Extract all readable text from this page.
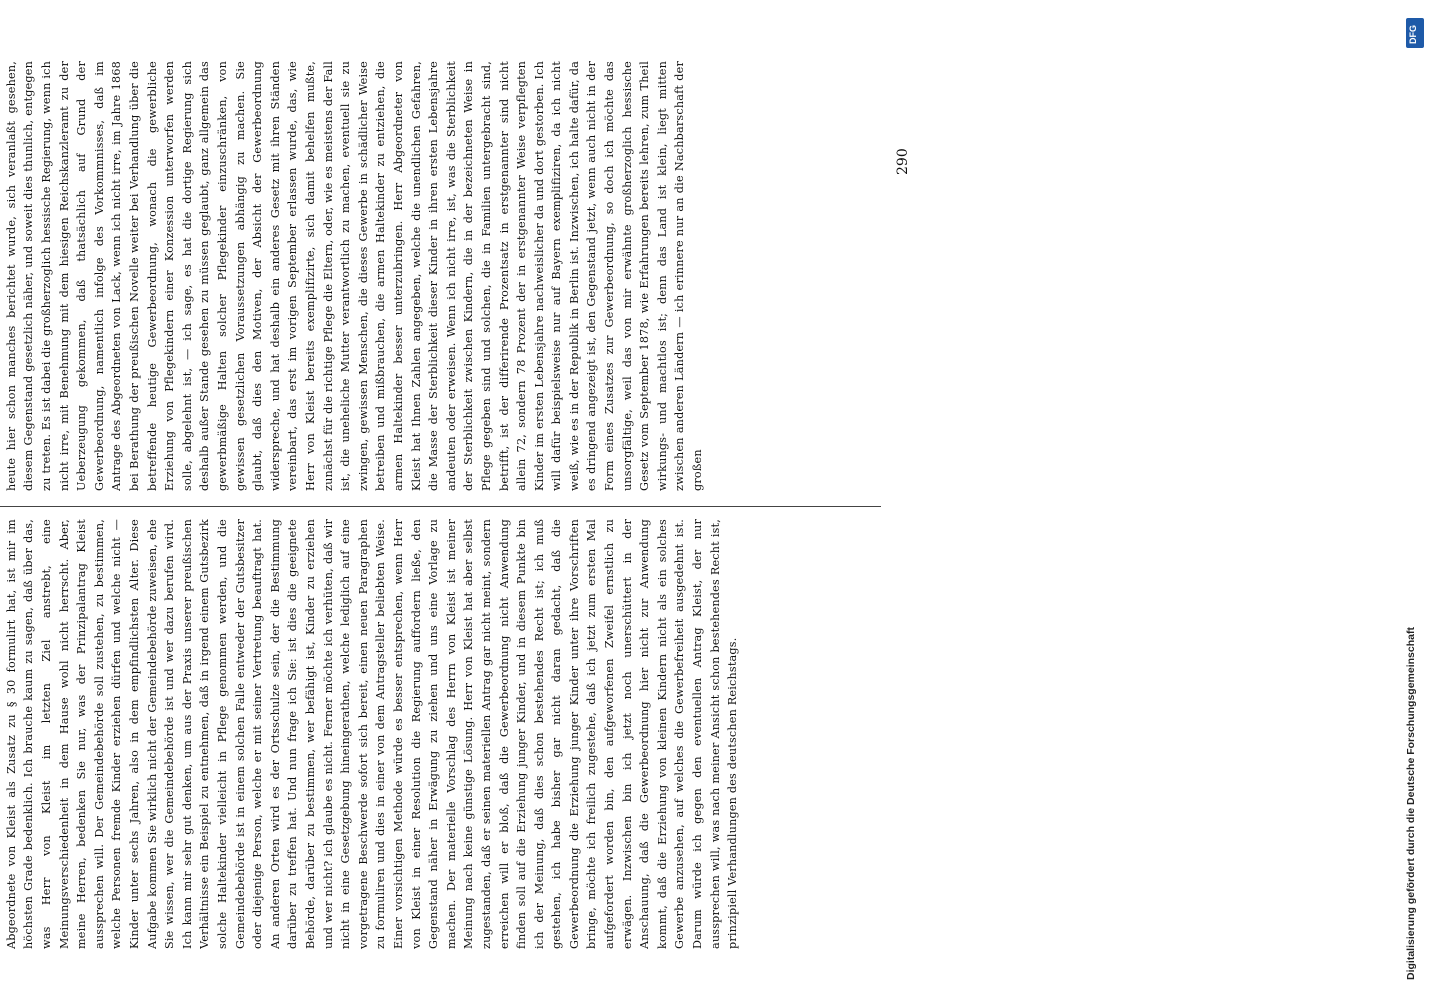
Abgeordnete von Kleist als Zusatz zu § 30 formulirt hat, ist mir im höchsten Grade bedenklich. Ich brauche kaum zu sagen, daß über das, was Herr von Kleist im letzten Ziel anstrebt, eine Meinungsverschiedenheit in dem Hause wohl nicht herrscht. Aber, meine Herren, bedenken Sie nur, was der Prinzipalantrag Kleist aussprechen will. Der Gemeindebehörde soll zustehen, zu bestimmen, welche Personen fremde Kinder erziehen dürfen und welche nicht — Kinder unter sechs Jahren, also in dem empfindlichsten Alter. Diese Aufgabe kommen Sie wirklich nicht der Gemeindebehörde zuweisen, ehe Sie wissen, wer die Gemeindebehörde ist und wer dazu berufen wird. Ich kann mir sehr gut denken, um aus der Praxis unserer preußischen Verhältnisse ein Beispiel zu entnehmen, daß in irgend einem Gutsbezirk solche Haltekinder vielleicht in Pflege genommen werden, und die Gemeindebehörde ist in einem solchen Falle entweder der Gutsbesitzer oder diejenige Person, welche er mit seiner Vertretung beauftragt hat. An anderen Orten wird es der Ortsschulze sein, der die Bestimmung darüber zu treffen hat. Und nun frage ich Sie: ist dies die geeignete Behörde, darüber zu bestimmen, wer befähigt ist, Kinder zu erziehen und wer nicht? ich glaube es nicht. Ferner möchte ich verhüten, daß wir nicht in eine Gesetzgebung hineingerathen, welche lediglich auf eine vorgetragene Beschwerde sofort sich bereit, einen neuen Paragraphen zu formuliren und dies in einer von dem Antragsteller beliebten Weise. Einer vorsichtigen Methode würde es besser entsprechen, wenn Herr von Kleist in einer Resolution die Regierung auffordern ließe, den Gegenstand näher in Erwägung zu ziehen und uns eine Vorlage zu machen. Der materielle Vorschlag des Herrn von Kleist ist meiner Meinung nach keine günstige Lösung. Herr von Kleist hat aber selbst zugestanden, daß er seinen materiellen Antrag gar nicht meint, sondern erreichen will er bloß, daß die Gewerbeordnung nicht Anwendung finden soll auf die Erziehung junger Kinder, und in diesem Punkte bin ich der Meinung, daß dies schon bestehendes Recht ist; ich muß gestehen, ich habe bisher gar nicht daran gedacht, daß die Gewerbeordnung die Erziehung junger Kinder unter ihre Vorschriften bringe, möchte ich freilich zugestehe, daß ich jetzt zum ersten Mal aufgefordert worden bin, den aufgeworfenen Zweifel ernstlich zu erwägen. Inzwischen bin ich jetzt noch unerschüttert in der Anschauung, daß die Gewerbeordnung hier nicht zur Anwendung kommt, daß die Erziehung von kleinen Kindern nicht als ein solches Gewerbe anzusehen, auf welches die Gewerbefreiheit ausgedehnt ist. Darum würde ich gegen den eventuellen Antrag Kleist, der nur aussprechen will, was nach meiner Ansicht schon bestehendes Recht ist, prinzipiell Verhandlungen des deutschen Reichstags.

heute hier schon manches berichtet wurde, sich veranlaßt gesehen, diesem Gegenstand gesetzlich näher, und soweit dies thunlich, entgegen zu treten. Es ist dabei die großherzoglich hessische Regierung, wenn ich nicht irre, mit Benehmung mit dem hiesigen Reichskanzleramt zu der Ueberzeugung gekommen, daß thatsächlich auf Grund der Gewerbeordnung, namentlich infolge des Vorkommnisses, daß im Antrage des Abgeordneten von Lack, wenn ich nicht irre, im Jahre 1868 bei Berathung der preußischen Novelle weiter bei Verhandlung über die betreffende heutige Gewerbeordnung, wonach die gewerbliche Erziehung von Pflegekindern einer Konzession unterworfen werden solle, abgelehnt ist, — ich sage, es hat die dortige Regierung sich deshalb außer Stande gesehen zu müssen geglaubt, ganz allgemein das gewerbmäßige Halten solcher Pflegekinder einzuschränken, von gewissen gesetzlichen Voraussetzungen abhängig zu machen. Sie glaubt, daß dies den Motiven, der Absicht der Gewerbeordnung widerspreche, und hat deshalb ein anderes Gesetz mit ihren Ständen vereinbart, das erst im vorigen September erlassen wurde, das, wie Herr von Kleist bereits exemplifizirte, sich damit behelfen mußte, zunächst für die richtige Pflege die Eltern, oder, wie es meistens der Fall ist, die uneheliche Mutter verantwortlich zu machen, eventuell sie zu zwingen, gewissen Menschen, die dieses Gewerbe in schädlicher Weise betreiben und mißbrauchen, die armen Haltekinder zu entziehen, die armen Haltekinder besser unterzubringen. Herr Abgeordneter von Kleist hat Ihnen Zahlen angegeben, welche die unendlichen Gefahren, die Masse der Sterblichkeit dieser Kinder in ihren ersten Lebensjahre andeuten oder erweisen. Wenn ich nicht irre, ist, was die Sterblichkeit der Sterblichkeit zwischen Kindern, die in der bezeichneten Weise in Pflege gegeben sind und solchen, die in Familien untergebracht sind, betrifft, ist der differirende Prozentsatz in erstgenannter sind nicht allein 72, sondern 78 Prozent der in erstgenannter Weise verpflegten Kinder im ersten Lebensjahre nachweislicher da und dort gestorben. Ich will dafür beispielsweise nur auf Bayern exemplifiziren, da ich nicht weiß, wie es in der Republik in Berlin ist. Inzwischen, ich halte dafür, da es dringend angezeigt ist, den Gegenstand jetzt, wenn auch nicht in der Form eines Zusatzes zur Gewerbeordnung, so doch ich möchte das unsorgfältige, weil das von mir erwähnte großherzoglich hessische Gesetz vom September 1878, wie Erfahrungen bereits lehren, zum Theil wirkungs- und machtlos ist; denn das Land ist klein, liegt mitten zwischen anderen Ländern — ich erinnere nur an die Nachbarschaft der großen

290
DFG
Digitalisierung gefördert durch die Deutsche Forschungsgemeinschaft
